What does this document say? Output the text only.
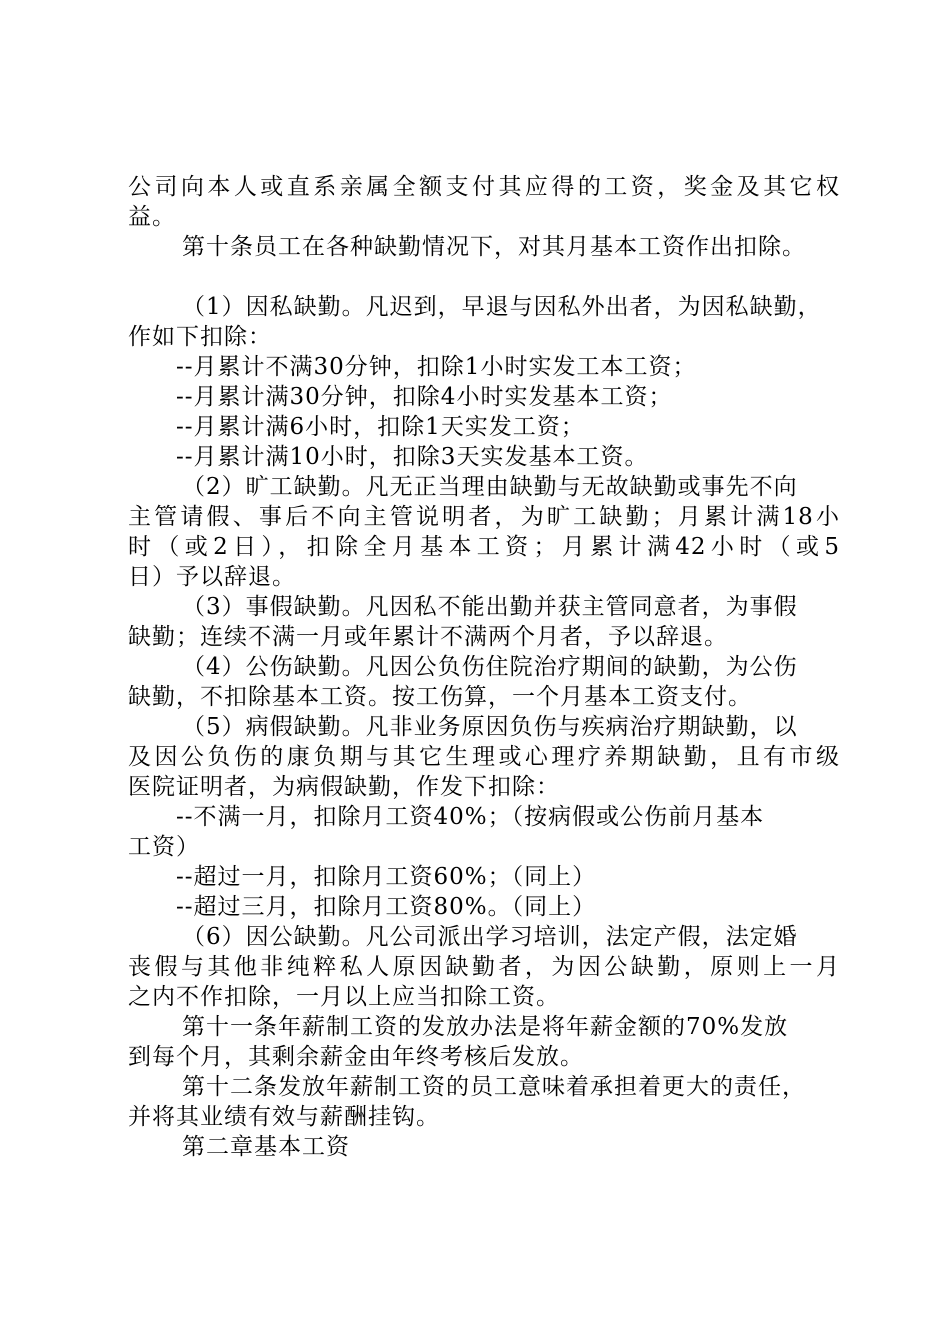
公司向本人或直系亲属全额支付其应得的工资，奖金及其它权
益。
第十条员工在各种缺勤情况下，对其月基本工资作出扣除。
（1）因私缺勤。凡迟到，早退与因私外出者，为因私缺勤，
作如下扣除：
--月累计不满30分钟，扣除1小时实发工本工资；
--月累计满30分钟，扣除4小时实发基本工资；
--月累计满6小时，扣除1天实发工资；
--月累计满10小时，扣除3天实发基本工资。
（2）旷工缺勤。凡无正当理由缺勤与无故缺勤或事先不向
主管请假、事后不向主管说明者，为旷工缺勤；月累计满18小
时（或2日），扣除全月基本工资；月累计满42小时（或5
日）予以辞退。
（3）事假缺勤。凡因私不能出勤并获主管同意者，为事假
缺勤；连续不满一月或年累计不满两个月者，予以辞退。
（4）公伤缺勤。凡因公负伤住院治疗期间的缺勤，为公伤
缺勤，不扣除基本工资。按工伤算，一个月基本工资支付。
（5）病假缺勤。凡非业务原因负伤与疾病治疗期缺勤，以
及因公负伤的康负期与其它生理或心理疗养期缺勤，且有市级
医院证明者，为病假缺勤，作发下扣除：
--不满一月，扣除月工资40%；（按病假或公伤前月基本
工资）
--超过一月，扣除月工资60%；（同上）
--超过三月，扣除月工资80%。（同上）
（6）因公缺勤。凡公司派出学习培训，法定产假，法定婚
丧假与其他非纯粹私人原因缺勤者，为因公缺勤，原则上一月
之内不作扣除，一月以上应当扣除工资。
第十一条年薪制工资的发放办法是将年薪金额的70%发放
到每个月，其剩余薪金由年终考核后发放。
第十二条发放年薪制工资的员工意味着承担着更大的责任，
并将其业绩有效与薪酬挂钩。
第二章基本工资
